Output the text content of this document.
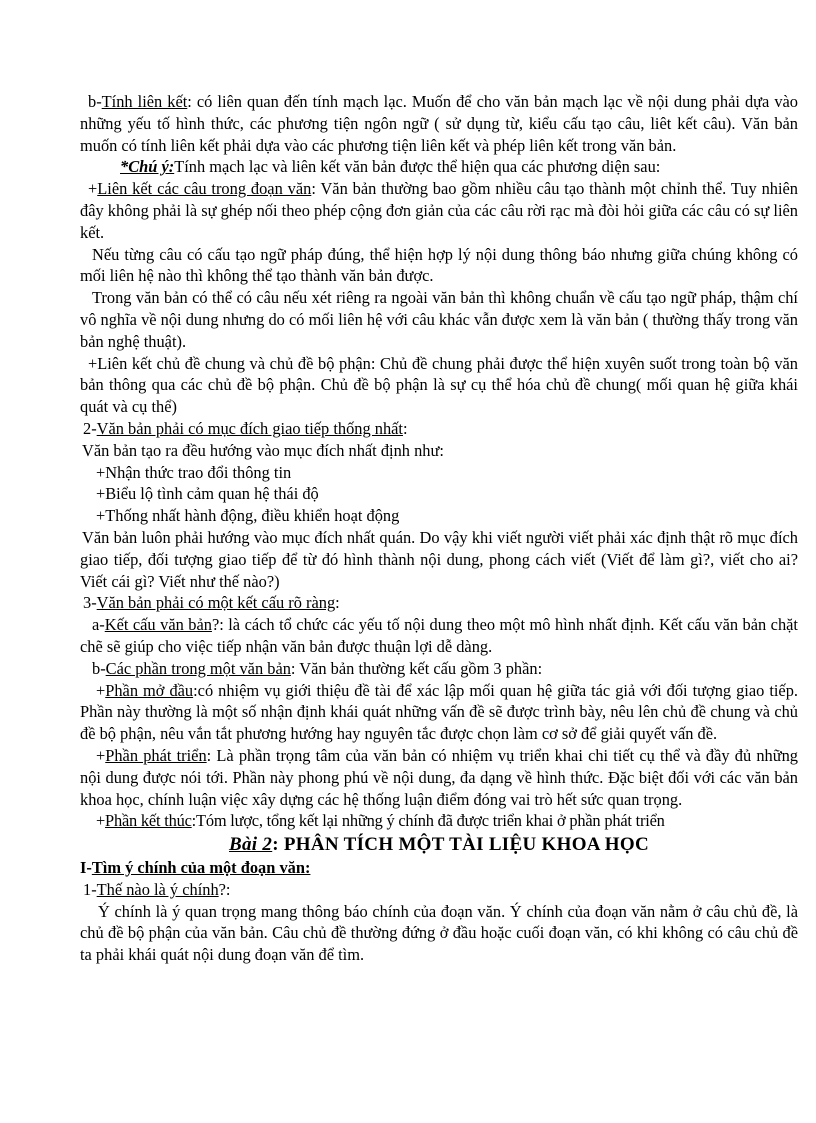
b-Tính liên kết: có liên quan đến tính mạch lạc. Muốn để cho văn bản mạch lạc về nội dung phải dựa vào những yếu tố hình thức, các phương tiện ngôn ngữ ( sử dụng từ, kiểu cấu tạo câu, liêt kết câu). Văn bản muốn có tính liên kết phải dựa vào các phương tiện liên kết và phép liên kết trong văn bản.

*Chú ý:Tính mạch lạc và liên kết văn bản được thể hiện qua các phương diện sau:

+Liên kết các câu trong đoạn văn: Văn bản thường bao gồm nhiều câu tạo thành một chỉnh thể. Tuy nhiên đây không phải là sự ghép nối theo phép cộng đơn giản của các câu rời rạc mà đòi hỏi giữa các câu có sự liên kết.

Nếu từng câu có cấu tạo ngữ pháp đúng, thể hiện hợp lý nội dung thông báo nhưng giữa chúng không có mối liên hệ nào thì không thể tạo thành văn bản được.

Trong văn bản có thể có câu nếu xét riêng ra ngoài văn bản thì không chuẩn về cấu tạo ngữ pháp, thậm chí vô nghĩa về nội dung nhưng do có mối liên hệ với câu khác vẫn được xem là văn bản ( thường thấy trong văn bản nghệ thuật).

+Liên kết chủ đề chung và chủ đề bộ phận: Chủ đề chung phải được thể hiện xuyên suốt trong toàn bộ văn bản thông qua các chủ đề bộ phận. Chủ đề bộ phận là sự cụ thể hóa chủ đề chung( mối quan hệ giữa khái quát và cụ thể)

2-Văn bản phải có mục đích giao tiếp thống nhất:

Văn bản tạo ra đều hướng vào mục đích nhất định như:

+Nhận thức trao đổi thông tin

+Biểu lộ tình cảm quan hệ thái độ

+Thống nhất hành động, điều khiển hoạt động

Văn bản luôn phải hướng vào mục đích nhất quán. Do vậy khi viết người viết phải xác định thật rõ mục đích giao tiếp, đối tượng giao tiếp để từ đó hình thành nội dung, phong cách viết (Viết để làm gì?, viết cho ai? Viết cái gì? Viết như thế nào?)

3-Văn bản phải có một kết cấu rõ ràng:

a-Kết cấu văn bản?: là cách tổ chức các yếu tố nội dung theo một mô hình nhất định. Kết cấu văn bản chặt chẽ sẽ giúp cho việc tiếp nhận văn bản được thuận lợi dễ dàng.

b-Các phần trong một văn bản: Văn bản thường kết cấu gồm 3 phần:

+Phần mở đầu:có nhiệm vụ giới thiệu đề tài để xác lập mối quan hệ giữa tác giả với đối tượng giao tiếp. Phần này thường là một số nhận định khái quát những vấn đề sẽ được trình bày, nêu lên chủ đề chung và chủ đề bộ phận, nêu vắn tắt phương hướng hay nguyên tắc được chọn làm cơ sở để giải quyết vấn đề.

+Phần phát triển: Là phần trọng tâm của văn bản có nhiệm vụ triển khai chi tiết cụ thể và đầy đủ những nội dung được nói tới. Phần này phong phú về nội dung, đa dạng về hình thức. Đặc biệt đối với các văn bản khoa học, chính luận việc xây dựng các hệ thống luận điểm đóng vai trò hết sức quan trọng.

+Phần kết thúc:Tóm lược, tổng kết lại những ý chính đã được triển khai ở phần phát triển

Bài 2: PHÂN TÍCH MỘT TÀI LIỆU KHOA HỌC

I-Tìm ý chính của một đoạn văn:

1-Thế nào là ý chính?:

Ý chính là ý quan trọng mang thông báo chính của đoạn văn. Ý chính của đoạn văn nằm ở câu chủ đề, là chủ đề bộ phận của văn bản. Câu chủ đề thường đứng ở đầu hoặc cuối đoạn văn, có khi không có câu chủ đề ta phải khái quát nội dung đoạn văn để tìm.
